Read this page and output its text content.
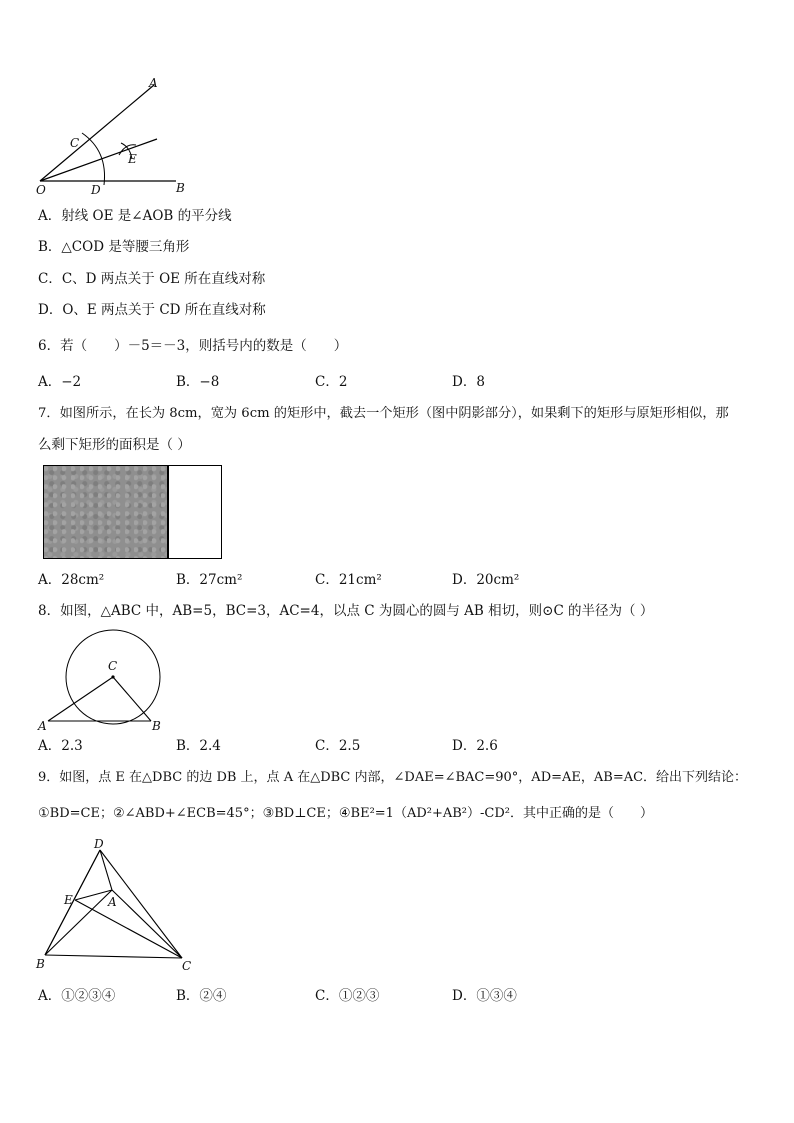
A
B
C
D
E
O
A．射线 OE 是∠AOB 的平分线
B．△COD 是等腰三角形
C．C、D 两点关于 OE 所在直线对称
D．O、E 两点关于 CD 所在直线对称
6．若（　　）－5＝－3，则括号内的数是（　　）
A．−2	B．−8	C．2	D．8
7．如图所示，在长为 8cm，宽为 6cm 的矩形中，截去一个矩形（图中阴影部分），如果剩下的矩形与原矩形相似，那
么剩下矩形的面积是（ ）
A．28cm²	B．27cm²	C．21cm²	D．20cm²
8．如图，△ABC 中，AB=5，BC=3，AC=4，以点 C 为圆心的圆与 AB 相切，则⊙C 的半径为（ ）
C
A	B
A．2.3	B．2.4	C．2.5	D．2.6
9．如图，点 E 在△DBC 的边 DB 上，点 A 在△DBC 内部，∠DAE=∠BAC=90°，AD=AE，AB=AC．给出下列结论：
①BD=CE；②∠ABD+∠ECB=45°；③BD⊥CE；④BE²=1（AD²+AB²）-CD²．其中正确的是（　　）
D
E	A
B	C
A．①②③④	B．②④	C．①②③	D．①③④
